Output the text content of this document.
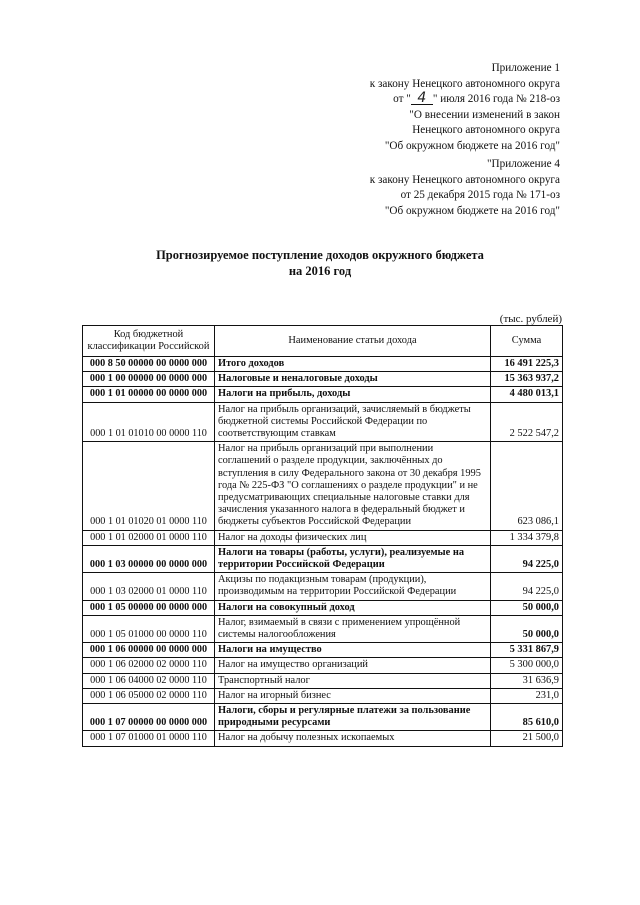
Приложение 1
к закону Ненецкого автономного округа
от " 4 " июля 2016 года № 218-оз
"О внесении изменений в закон
Ненецкого автономного округа
"Об окружном бюджете на 2016 год"
"Приложение 4
к закону Ненецкого автономного округа
от 25 декабря 2015 года № 171-оз
"Об окружном бюджете на 2016 год"
Прогнозируемое поступление доходов окружного бюджета
на 2016 год
(тыс. рублей)
Код бюджетной классификации Российской	Наименование статьи дохода	Сумма
000 8 50 00000 00 0000 000	Итого доходов	16 491 225,3
000 1 00 00000 00 0000 000	Налоговые и неналоговые доходы	15 363 937,2
000 1 01 00000 00 0000 000	Налоги на прибыль, доходы	4 480 013,1
000 1 01 01010 00 0000 110	Налог на прибыль организаций, зачисляемый в бюджеты бюджетной системы Российской Федерации по соответствующим ставкам	2 522 547,2
000 1 01 01020 01 0000 110	Налог на прибыль организаций при выполнении соглашений о разделе продукции, заключённых до вступления в силу Федерального закона от 30 декабря 1995 года № 225-ФЗ "О соглашениях о разделе продукции" и не предусматривающих специальные налоговые ставки для зачисления указанного налога в федеральный бюджет и бюджеты субъектов Российской Федерации	623 086,1
000 1 01 02000 01 0000 110	Налог на доходы физических лиц	1 334 379,8
000 1 03 00000 00 0000 000	Налоги на товары (работы, услуги), реализуемые на территории Российской Федерации	94 225,0
000 1 03 02000 01 0000 110	Акцизы по подакцизным товарам (продукции), производимым на территории Российской Федерации	94 225,0
000 1 05 00000 00 0000 000	Налоги на совокупный доход	50 000,0
000 1 05 01000 00 0000 110	Налог, взимаемый в связи с применением упрощённой системы налогообложения	50 000,0
000 1 06 00000 00 0000 000	Налоги на имущество	5 331 867,9
000 1 06 02000 02 0000 110	Налог на имущество организаций	5 300 000,0
000 1 06 04000 02 0000 110	Транспортный налог	31 636,9
000 1 06 05000 02 0000 110	Налог на игорный бизнес	231,0
000 1 07 00000 00 0000 000	Налоги, сборы и регулярные платежи за пользование природными ресурсами	85 610,0
000 1 07 01000 01 0000 110	Налог на добычу полезных ископаемых	21 500,0
